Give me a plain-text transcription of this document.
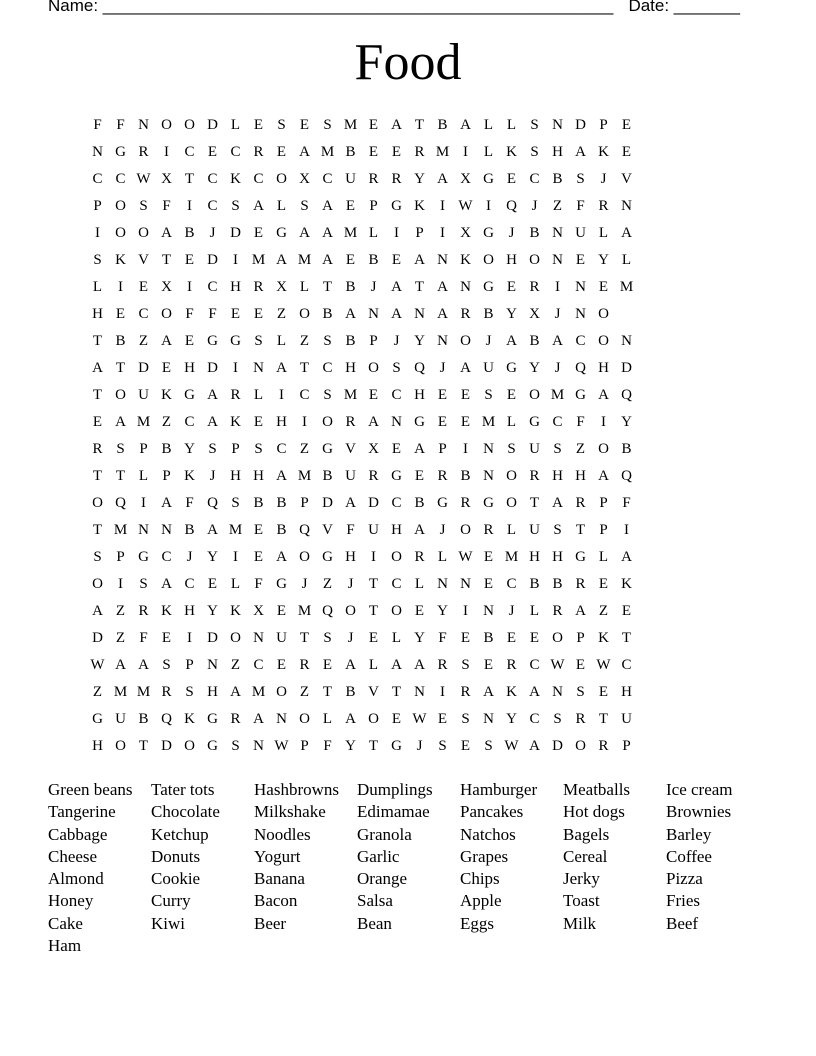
Name: ______________________________________________________ Date: _______
Food
F F N O O D L E S E S M E A T B A L L S N D P E
N G R	I	C E C R E A M B E E R M I	L K S H A K E
C C W X T C K C O X C U R R Y A X G E C B S	J V
P O S F	I	C S A L S A E P G K	I W I	Q J	Z F R N
I	O O A B	J D E G A A M L	I	P	I	X G J	B N U L A
S K V T E D	I M A M A E B E A N K O H O N E Y L
L	I	E X	I	C H R X L T B	J A T A N G E R	I	N E M
H E C O F F E E Z O B A N A N A R B Y X J N O
T B Z A E G G S L Z S B P	J Y N O J A B A C O N
A T D E H D	I	N A T C H O S Q J A U G Y J Q H D
T O U K G A R L	I	C S M E C H E E S E O M G A Q
E A M Z C A K E H	I	O R A N G E E M L G C F	I	Y
R S P B Y S P S C Z G V X E A P	I	N S U S Z O B
T T L P K J H H A M B U R G E R B N O R H H A Q
O Q	I	A F Q S B B P D A D C B G R G O T A R P F
T M N N B A M E B Q V F U H A J O R L U S T P	I
S P G C	J Y	I	E A O G H	I	O R L W E M H H G L A
O	I	S A C E L F G J	Z	J	T C L N N E C B B R E K
A Z R K H Y K X E M Q O T O E Y	I	N J	L R A Z E
D Z F E	I	D O N U T S	J	E L Y F E B E E O P K T
W A A S P N Z C E R E A L A A R S E R C W E W C
Z M M R S H A M O Z T B V T N	I	R A K A N S E H
G U B Q K G R A N O L A O E W E S N Y C S R T U
H O T D O G S N W P F Y T G J	S E S W A D O R P
Green beans	Tater tots	Hashbrowns	Dumplings	Hamburger	Meatballs	Ice cream
Tangerine	Chocolate	Milkshake	Edimamae	Pancakes	Hot dogs	Brownies
Cabbage	Ketchup	Noodles	Granola	Natchos	Bagels	Barley
Cheese	Donuts	Yogurt	Garlic	Grapes	Cereal	Coffee
Almond	Cookie	Banana	Orange	Chips	Jerky	Pizza
Honey	Curry	Bacon	Salsa	Apple	Toast	Fries
Cake	Kiwi	Beer	Bean	Eggs	Milk	Beef
Ham
